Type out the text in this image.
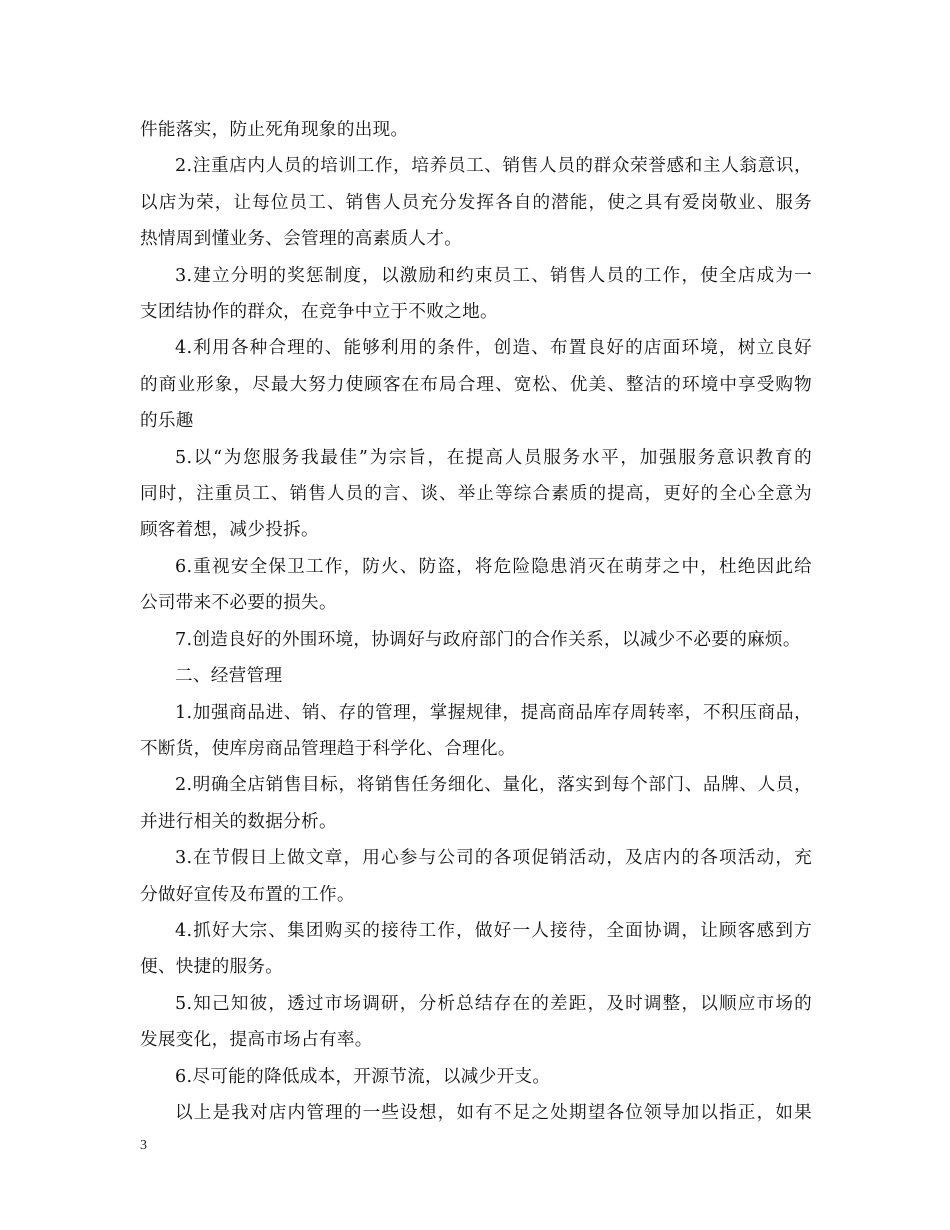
件能落实，防止死角现象的出现。

2.注重店内人员的培训工作，培养员工、销售人员的群众荣誉感和主人翁意识，

以店为荣，让每位员工、销售人员充分发挥各自的潜能，使之具有爱岗敬业、服务
热情周到懂业务、会管理的高素质人才。

3.建立分明的奖惩制度，以激励和约束员工、销售人员的工作，使全店成为一

支团结协作的群众，在竞争中立于不败之地。

4.利用各种合理的、能够利用的条件，创造、布置良好的店面环境，树立良好

的商业形象，尽最大努力使顾客在布局合理、宽松、优美、整洁的环境中享受购物
的乐趣

5.以“为您服务我最佳”为宗旨，在提高人员服务水平，加强服务意识教育的

同时，注重员工、销售人员的言、谈、举止等综合素质的提高，更好的全心全意为
顾客着想，减少投拆。

6.重视安全保卫工作，防火、防盗，将危险隐患消灭在萌芽之中，杜绝因此给

公司带来不必要的损失。

7.创造良好的外围环境，协调好与政府部门的合作关系，以减少不必要的麻烦。

二、经营管理

1.加强商品进、销、存的管理，掌握规律，提高商品库存周转率，不积压商品，

不断货，使库房商品管理趋于科学化、合理化。

2.明确全店销售目标，将销售任务细化、量化，落实到每个部门、品牌、人员，

并进行相关的数据分析。

3.在节假日上做文章，用心参与公司的各项促销活动，及店内的各项活动，充

分做好宣传及布置的工作。

4.抓好大宗、集团购买的接待工作，做好一人接待，全面协调，让顾客感到方

便、快捷的服务。

5.知己知彼，透过市场调研，分析总结存在的差距，及时调整，以顺应市场的

发展变化，提高市场占有率。

6.尽可能的降低成本，开源节流，以减少开支。

以上是我对店内管理的一些设想，如有不足之处期望各位领导加以指正，如果

3
